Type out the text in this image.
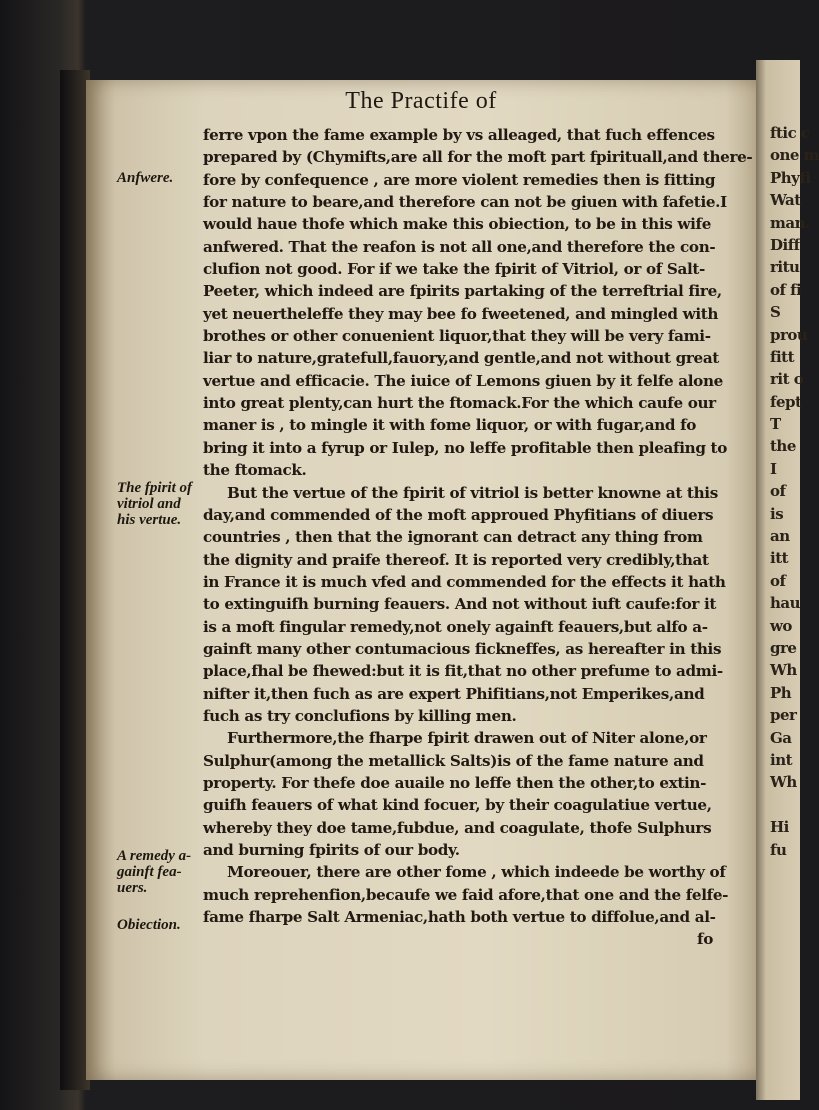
ftic c
one m
Phyfi
Wat
man.
Diff
ritu
of fi
S
prou
fitt
rit o
fept
T
the
I
of
is
an
itt
of
hau
wo
gre
Wh
Ph
per
Ga
int
Wh
Hi
fu
The Practife of
ferre vpon the fame example by vs alleaged, that fuch effences
prepared by (Chymifts,are all for the moft part fpirituall,and there-
fore by confequence , are more violent remedies then is fitting
for nature to beare,and therefore can not be giuen with fafetie.I
would haue thofe which make this obiection, to be in this wife
anfwered. That the reafon is not all one,and therefore the con-
clufion not good. For if we take the fpirit of Vitriol, or of Salt-
Peeter, which indeed are fpirits partaking of the terreftrial fire,
yet neuertheleffe they may bee fo fweetened, and mingled with
brothes or other conuenient liquor,that they will be very fami-
liar to nature,gratefull,fauory,and gentle,and not without great
vertue and efficacie. The iuice of Lemons giuen by it felfe alone
into great plenty,can hurt the ftomack.For the which caufe our
maner is , to mingle it with fome liquor, or with fugar,and fo
bring it into a fyrup or Iulep, no leffe profitable then pleafing to
the ftomack.
But the vertue of the fpirit of vitriol is better knowne at this
day,and commended of the moft approued Phyfitians of diuers
countries , then that the ignorant can detract any thing from
the dignity and praife thereof. It is reported very credibly,that
in France it is much vfed and commended for the effects it hath
to extinguifh burning feauers. And not without iuft caufe:for it
is a moft fingular remedy,not onely againft feauers,but alfo a-
gainft many other contumacious fickneffes, as hereafter in this
place,fhal be fhewed:but it is fit,that no other prefume to admi-
nifter it,then fuch as are expert Phifitians,not Emperikes,and
fuch as try conclufions by killing men.
Furthermore,the fharpe fpirit drawen out of Niter alone,or
Sulphur(among the metallick Salts)is of the fame nature and
property. For thefe doe auaile no leffe then the other,to extin-
guifh feauers of what kind focuer, by their coagulatiue vertue,
whereby they doe tame,fubdue, and coagulate, thofe Sulphurs
and burning fpirits of our body.
Moreouer, there are other fome , which indeede be worthy of
much reprehenfion,becaufe we faid afore,that one and the felfe-
fame fharpe Salt Armeniac,hath both vertue to diffolue,and al-
fo
Anfwere.
The fpirit of
vitriol and
his vertue.
A remedy a-
gainft fea-
uers.
Obiection.
